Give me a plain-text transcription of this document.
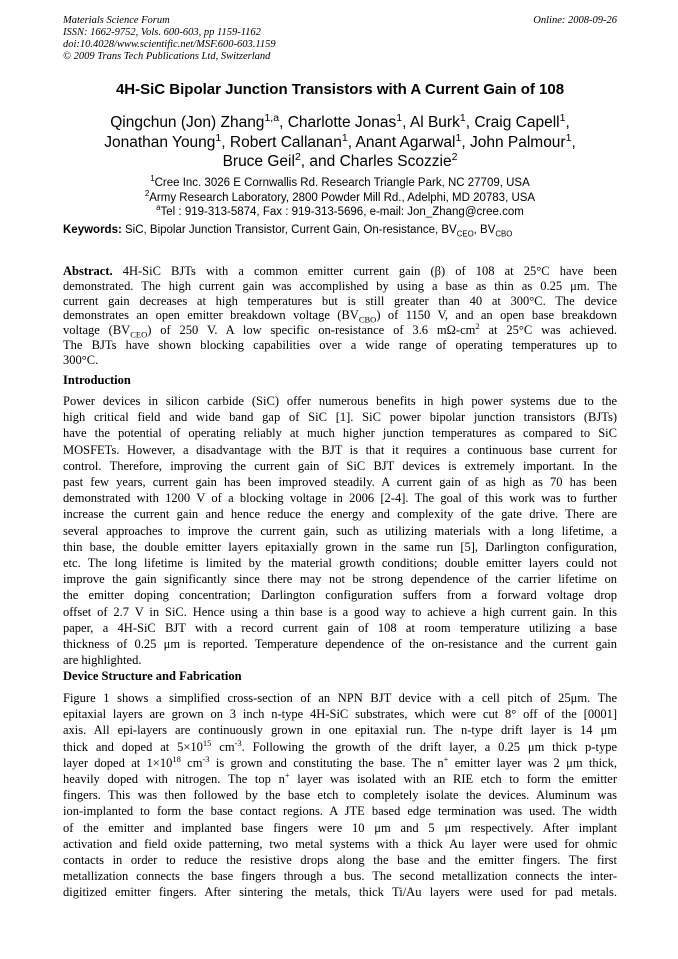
Materials Science Forum
ISSN: 1662-9752, Vols. 600-603, pp 1159-1162
doi:10.4028/www.scientific.net/MSF.600-603.1159
© 2009 Trans Tech Publications Ltd, Switzerland
Online: 2008-09-26
4H-SiC Bipolar Junction Transistors with A Current Gain of 108
Qingchun (Jon) Zhang$^{1,a}$, Charlotte Jonas$^1$, Al Burk$^1$, Craig Capell$^1$,
Jonathan Young$^1$, Robert Callanan$^1$, Anant Agarwal$^1$, John Palmour$^1$,
Bruce Geil$^2$, and Charles Scozzie$^2$
$^1$Cree Inc. 3026 E Cornwallis Rd. Research Triangle Park, NC 27709, USA
$^2$Army Research Laboratory, 2800 Powder Mill Rd., Adelphi, MD 20783, USA
$^a$Tel : 919-313-5874, Fax : 919-313-5696, e-mail: Jon_Zhang@cree.com
Keywords: SiC, Bipolar Junction Transistor, Current Gain, On-resistance, $BV_{CEO}$, $BV_{CBO}$
Abstract. 4H-SiC BJTs with a common emitter current gain (β) of 108 at 25°C have been
demonstrated. The high current gain was accomplished by using a base as thin as 0.25 μm. The
current gain decreases at high temperatures but is still greater than 40 at 300°C. The device
demonstrates an open emitter breakdown voltage $(BV_{CBO})$ of 1150 V, and an open base breakdown
voltage $(BV_{CEO})$ of 250 V. A low specific on-resistance of 3.6 $m\Omega-cm^2$ at 25°C was achieved.
The BJTs have shown blocking capabilities over a wide range of operating temperatures up to
300°C.
Introduction
Power devices in silicon carbide (SiC) offer numerous benefits in high power systems due to the
high critical field and wide band gap of SiC [1]. SiC power bipolar junction transistors (BJTs)
have the potential of operating reliably at much higher junction temperatures as compared to SiC
MOSFETs. However, a disadvantage with the BJT is that it requires a continuous base current for
control. Therefore, improving the current gain of SiC BJT devices is extremely important. In the
past few years, current gain has been improved steadily. A current gain of as high as 70 has been
demonstrated with 1200 V of a blocking voltage in 2006 [2-4]. The goal of this work was to further
increase the current gain and hence reduce the energy and complexity of the gate drive. There are
several approaches to improve the current gain, such as utilizing materials with a long lifetime, a
thin base, the double emitter layers epitaxially grown in the same run [5], Darlington configuration,
etc. The long lifetime is limited by the material growth conditions; double emitter layers could not
improve the gain significantly since there may not be strong dependence of the carrier lifetime on
the emitter doping concentration; Darlington configuration suffers from a forward voltage drop
offset of 2.7 V in SiC. Hence using a thin base is a good way to achieve a high current gain. In this
paper, a 4H-SiC BJT with a record current gain of 108 at room temperature utilizing a base
thickness of 0.25 μm is reported. Temperature dependence of the on-resistance and the current gain
are highlighted.
Device Structure and Fabrication
Figure 1 shows a simplified cross-section of an NPN BJT device with a cell pitch of 25μm. The
epitaxial layers are grown on 3 inch n-type 4H-SiC substrates, which were cut 8° off of the [0001]
axis. All epi-layers are continuously grown in one epitaxial run. The n-type drift layer is 14 μm
thick and doped at $5\times 10^{15}$ $cm^{-3}$. Following the growth of the drift layer, a 0.25 μm thick p-type
layer doped at $1\times 10^{18}$ $cm^{-3}$ is grown and constituting the base. The n+ emitter layer was 2 μm thick,
heavily doped with nitrogen. The top n+ layer was isolated with an RIE etch to form the emitter
fingers. This was then followed by the base etch to completely isolate the devices. Aluminum was
ion-implanted to form the base contact regions. A JTE based edge termination was used. The width
of the emitter and implanted base fingers were 10 μm and 5 μm respectively. After implant
activation and field oxide patterning, two metal systems with a thick Au layer were used for ohmic
contacts in order to reduce the resistive drops along the base and the emitter fingers. The first
metallization connects the base fingers through a bus. The second metallization connects the inter-
digitized emitter fingers. After sintering the metals, thick Ti/Au layers were used for pad metals.
